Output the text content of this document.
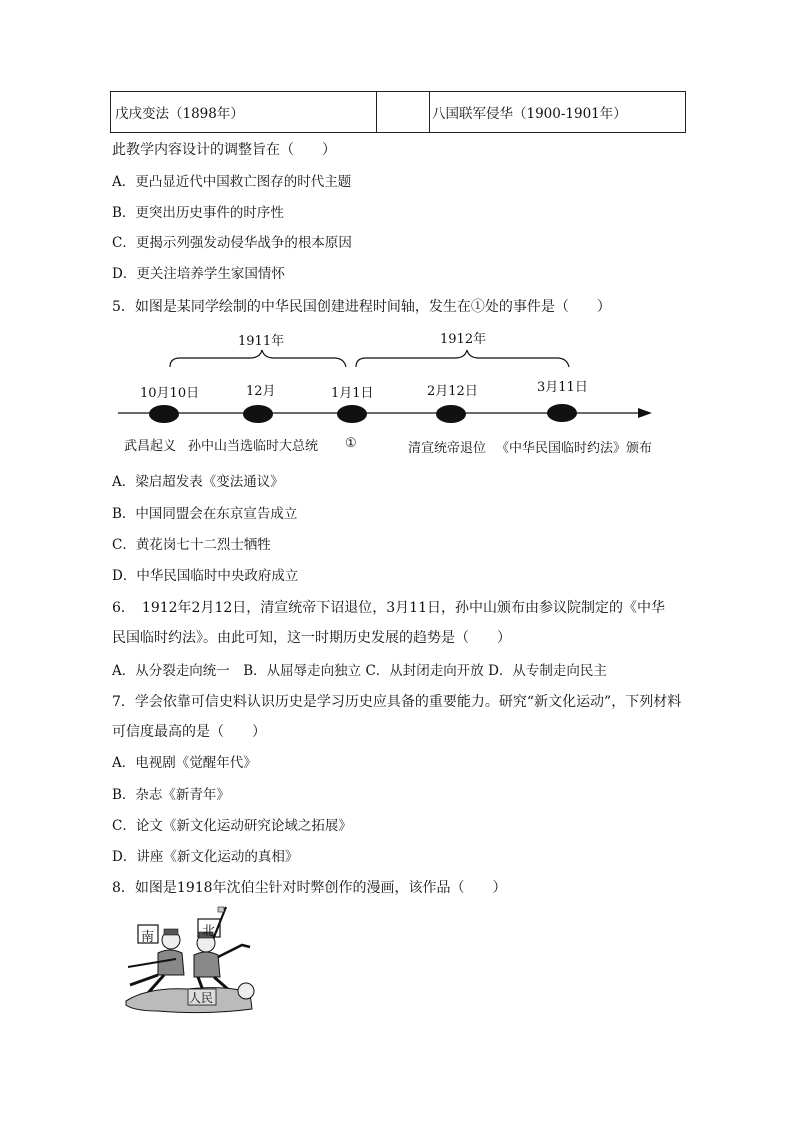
戊戌变法（1898年）	八国联军侵华（1900-1901年）
此教学内容设计的调整旨在（　　）
A．更凸显近代中国救亡图存的时代主题
B．更突出历史事件的时序性
C．更揭示列强发动侵华战争的根本原因
D．更关注培养学生家国情怀
5．如图是某同学绘制的中华民国创建进程时间轴，发生在①处的事件是（　　）
1911年	1912年
10月10日	12月	1月1日	2月12日	3月11日
武昌起义 孙中山当选临时大总统 ①	清宣统帝退位 《中华民国临时约法》颁布
A．梁启超发表《变法通议》
B．中国同盟会在东京宣告成立
C．黄花岗七十二烈士牺牲
D．中华民国临时中央政府成立
6．　1912年2月12日，清宣统帝下诏退位，3月11日，孙中山颁布由参议院制定的《中华
民国临时约法》。由此可知，这一时期历史发展的趋势是（　　）
A．从分裂走向统一　B．从屈辱走向独立 C．从封闭走向开放 D．从专制走向民主
7．学会依靠可信史料认识历史是学习历史应具备的重要能力。研究“新文化运动”，下列材料
可信度最高的是（　　）
A．电视剧《觉醒年代》
B．杂志《新青年》
C．论文《新文化运动研究论域之拓展》
D．讲座《新文化运动的真相》
8．如图是1918年沈伯尘针对时弊创作的漫画，该作品（　　）
南	北
人民
